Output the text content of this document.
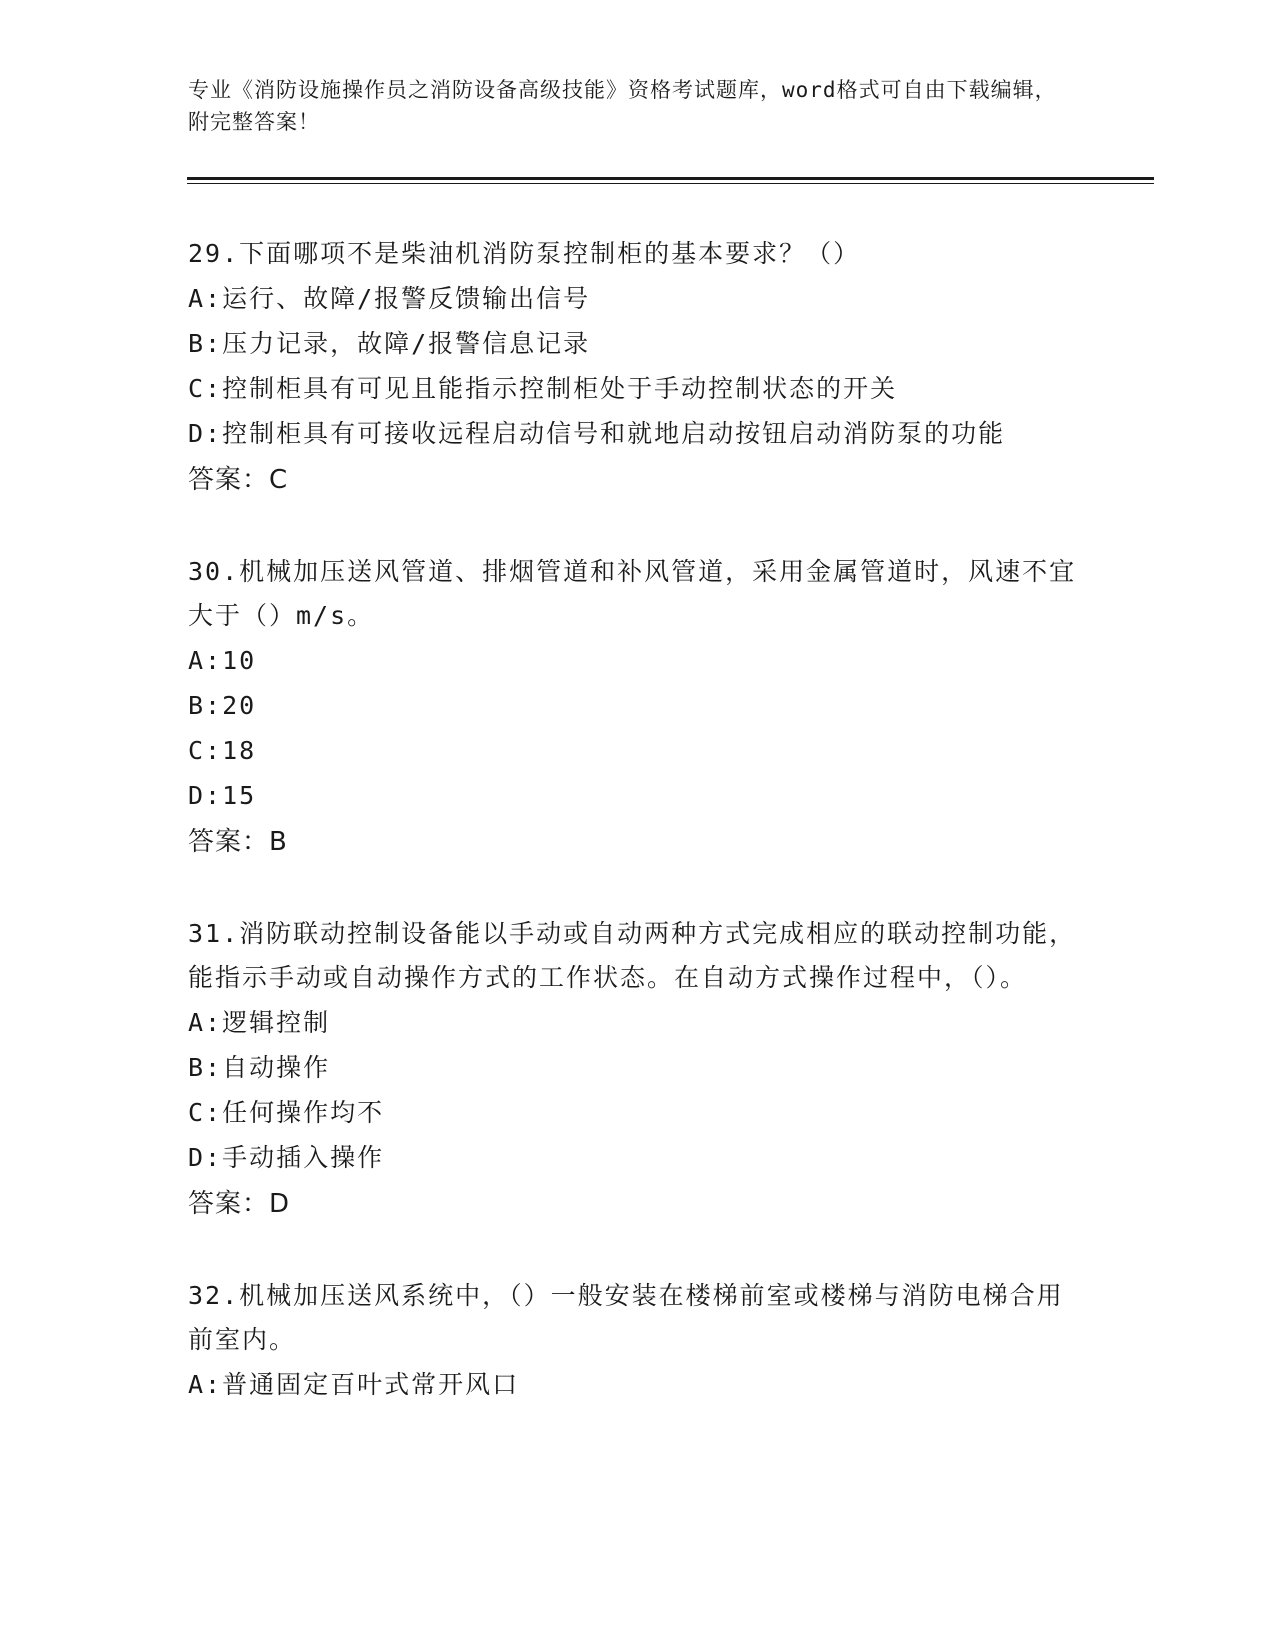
专业《消防设施操作员之消防设备高级技能》资格考试题库，word格式可自由下载编辑，附完整答案！
29.下面哪项不是柴油机消防泵控制柜的基本要求？（）
A:运行、故障/报警反馈输出信号
B:压力记录，故障/报警信息记录
C:控制柜具有可见且能指示控制柜处于手动控制状态的开关
D:控制柜具有可接收远程启动信号和就地启动按钮启动消防泵的功能
答案：C
30.机械加压送风管道、排烟管道和补风管道，采用金属管道时，风速不宜大于（）m/s。
A:10
B:20
C:18
D:15
答案：B
31.消防联动控制设备能以手动或自动两种方式完成相应的联动控制功能，能指示手动或自动操作方式的工作状态。在自动方式操作过程中，（）。
A:逻辑控制
B:自动操作
C:任何操作均不
D:手动插入操作
答案：D
32.机械加压送风系统中，（）一般安装在楼梯前室或楼梯与消防电梯合用前室内。
A:普通固定百叶式常开风口
